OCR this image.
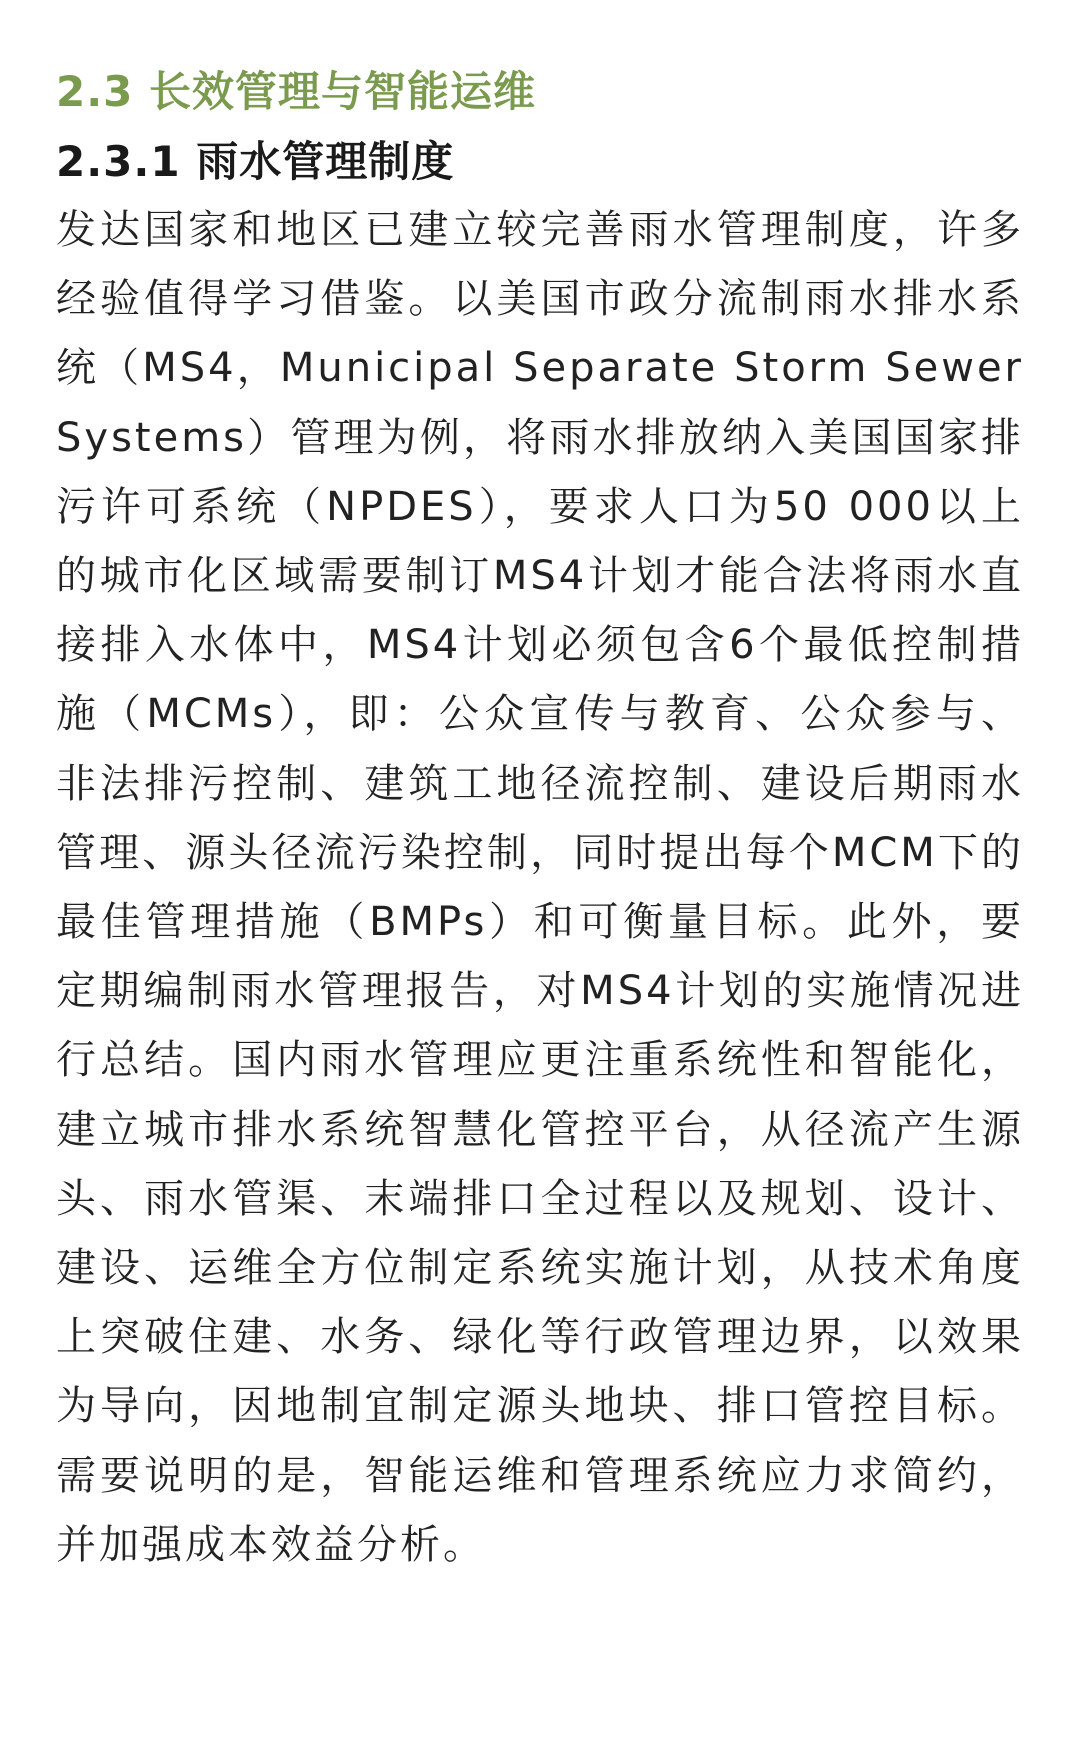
2.3 长效管理与智能运维
2.3.1 雨水管理制度

发达国家和地区已建立较完善雨水管理制度，许多经验值得学习借鉴。以美国市政分流制雨水排水系统（MS4，Municipal Separate Storm Sewer Systems）管理为例，将雨水排放纳入美国国家排污许可系统（NPDES），要求人口为50 000以上的城市化区域需要制订MS4计划才能合法将雨水直接排入水体中，MS4计划必须包含6个最低控制措施（MCMs），即：公众宣传与教育、公众参与、非法排污控制、建筑工地径流控制、建设后期雨水管理、源头径流污染控制，同时提出每个MCM下的最佳管理措施（BMPs）和可衡量目标。此外，要定期编制雨水管理报告，对MS4计划的实施情况进行总结。国内雨水管理应更注重系统性和智能化，建立城市排水系统智慧化管控平台，从径流产生源头、雨水管渠、末端排口全过程以及规划、设计、建设、运维全方位制定系统实施计划，从技术角度上突破住建、水务、绿化等行政管理边界，以效果为导向，因地制宜制定源头地块、排口管控目标。需要说明的是，智能运维和管理系统应力求简约，并加强成本效益分析。
